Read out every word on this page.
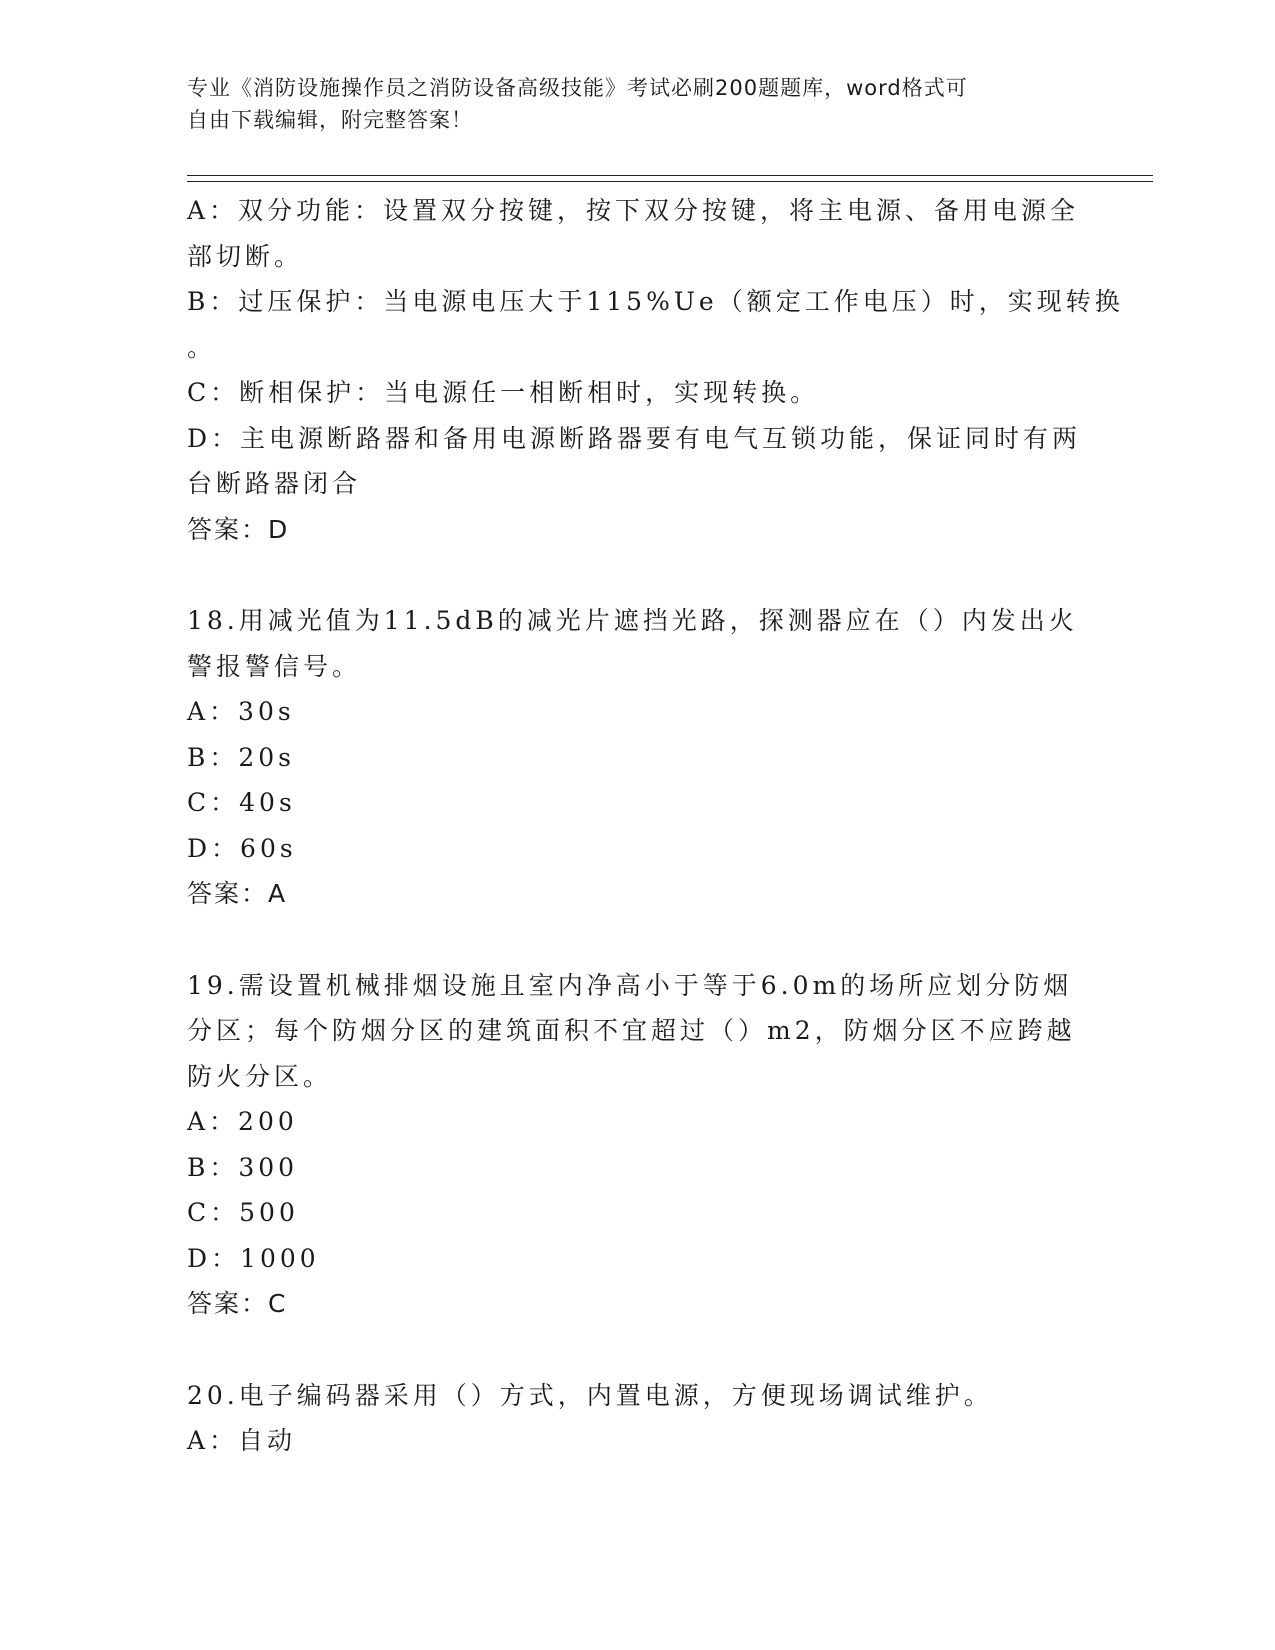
专业《消防设施操作员之消防设备高级技能》考试必刷200题题库，word格式可
自由下载编辑，附完整答案！
A：双分功能：设置双分按键，按下双分按键，将主电源、备用电源全
部切断。
B：过压保护：当电源电压大于115%Ue（额定工作电压）时，实现转换
。
C：断相保护：当电源任一相断相时，实现转换。
D：主电源断路器和备用电源断路器要有电气互锁功能，保证同时有两
台断路器闭合
答案：D
18.用减光值为11.5dB的减光片遮挡光路，探测器应在（）内发出火
警报警信号。
A：30s
B：20s
C：40s
D：60s
答案：A
19.需设置机械排烟设施且室内净高小于等于6.0m的场所应划分防烟
分区；每个防烟分区的建筑面积不宜超过（）m2，防烟分区不应跨越
防火分区。
A：200
B：300
C：500
D：1000
答案：C
20.电子编码器采用（）方式，内置电源，方便现场调试维护。
A：自动
